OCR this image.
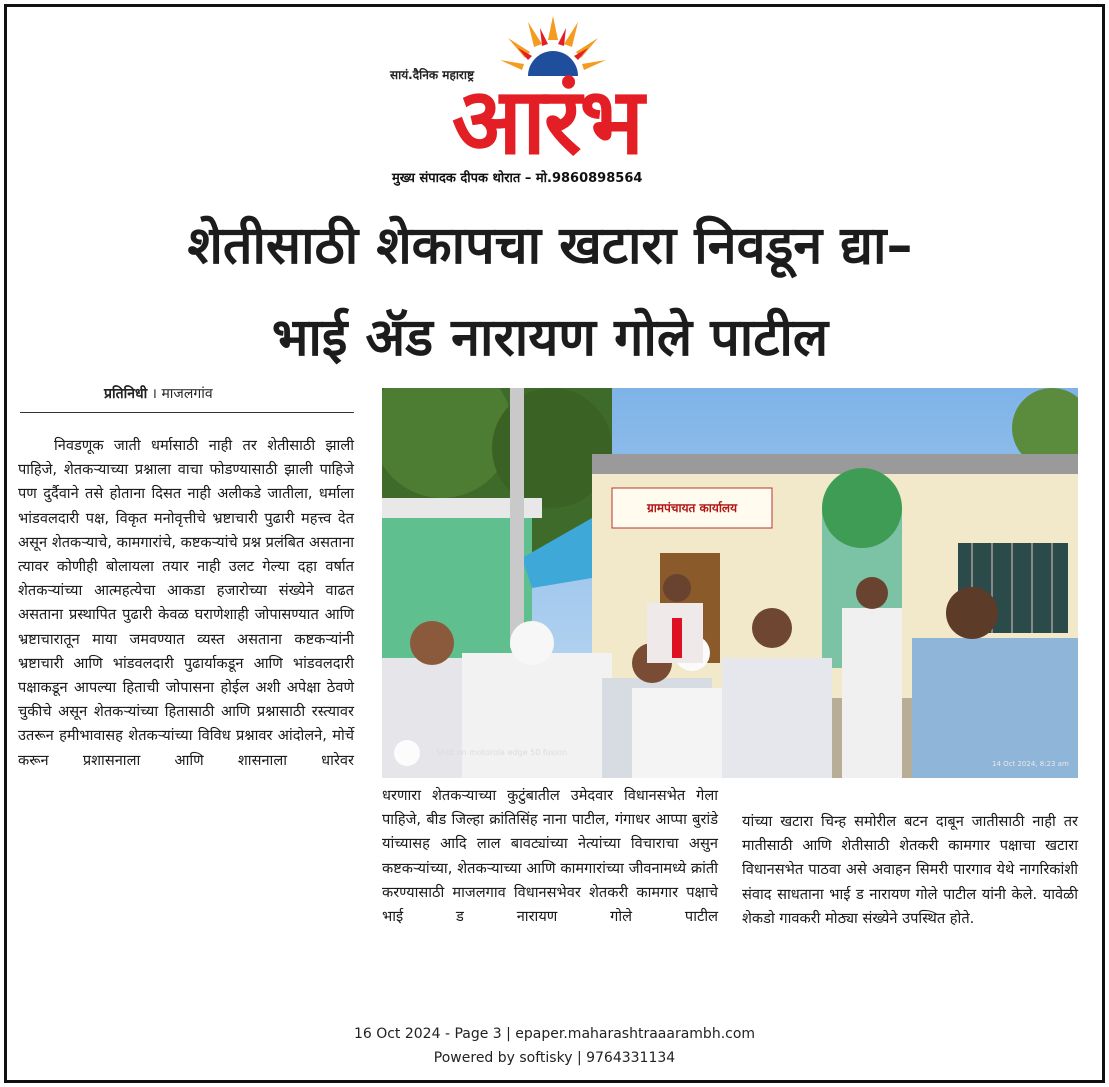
सायं.दैनिक महाराष्ट्र
आरंभ
मुख्य संपादक दीपक थोरात – मो.9860898564
शेतीसाठी शेकापचा खटारा निवडून द्या–
भाई ॲड नारायण गोले पाटील
प्रतिनिधी । माजलगांव

निवडणूक जाती धर्मासाठी नाही तर शेतीसाठी झाली पाहिजे, शेतकऱ्याच्या प्रश्नाला वाचा फोडण्यासाठी झाली पाहिजे पण दुर्दैवाने तसे होताना दिसत नाही अलीकडे जातीला, धर्माला भांडवलदारी पक्ष, विकृत मनोवृत्तीचे भ्रष्टाचारी पुढारी महत्त्व देत असून शेतकऱ्याचे, कामगारांचे, कष्टकऱ्यांचे प्रश्न प्रलंबित असताना त्यावर कोणीही बोलायला तयार नाही उलट गेल्या दहा वर्षात शेतकऱ्यांच्या आत्महत्येचा आकडा हजारोच्या संख्येने वाढत असताना प्रस्थापित पुढारी केवळ घराणेशाही जोपासण्यात आणि भ्रष्टाचारातून माया जमवण्यात व्यस्त असताना कष्टकऱ्यांनी भ्रष्टाचारी आणि भांडवलदारी पुढार्याकडून आणि भांडवलदारी पक्षाकडून आपल्या हिताची जोपासना होईल अशी अपेक्षा ठेवणे चुकीचे असून शेतकऱ्यांच्या हितासाठी आणि प्रश्नासाठी रस्त्यावर उतरून हमीभावासह शेतकऱ्यांच्या विविध प्रश्नावर आंदोलने, मोर्चे करून प्रशासनाला आणि शासनाला धारेवर

ग्रामपंचायत कार्यालय
Shot on motorola edge 50 fusion
14 Oct 2024, 8:23 am
धरणारा शेतकऱ्याच्या कुटुंबातील उमेदवार विधानसभेत गेला पाहिजे, बीड जिल्हा क्रांतिसिंह नाना पाटील, गंगाधर आप्पा बुरांडे यांच्यासह आदि लाल बावट्यांच्या नेत्यांच्या विचाराचा असुन कष्टकऱ्यांच्या, शेतकऱ्याच्या आणि कामगारांच्या जीवनामध्ये क्रांती करण्यासाठी माजलगाव विधानसभेवर शेतकरी कामगार पक्षाचे भाई ड नारायण गोले पाटील
यांच्या खटारा चिन्ह समोरील बटन दाबून जातीसाठी नाही तर मातीसाठी आणि शेतीसाठी शेतकरी कामगार पक्षाचा खटारा विधानसभेत पाठवा असे अवाहन सिमरी पारगाव येथे नागरिकांशी संवाद साधताना भाई ड नारायण गोले पाटील यांनी केले. यावेळी शेकडो गावकरी मोठ्या संख्येने उपस्थित होते.
16 Oct 2024 - Page 3 | epaper.maharashtraaarambh.com
Powered by softisky | 9764331134
